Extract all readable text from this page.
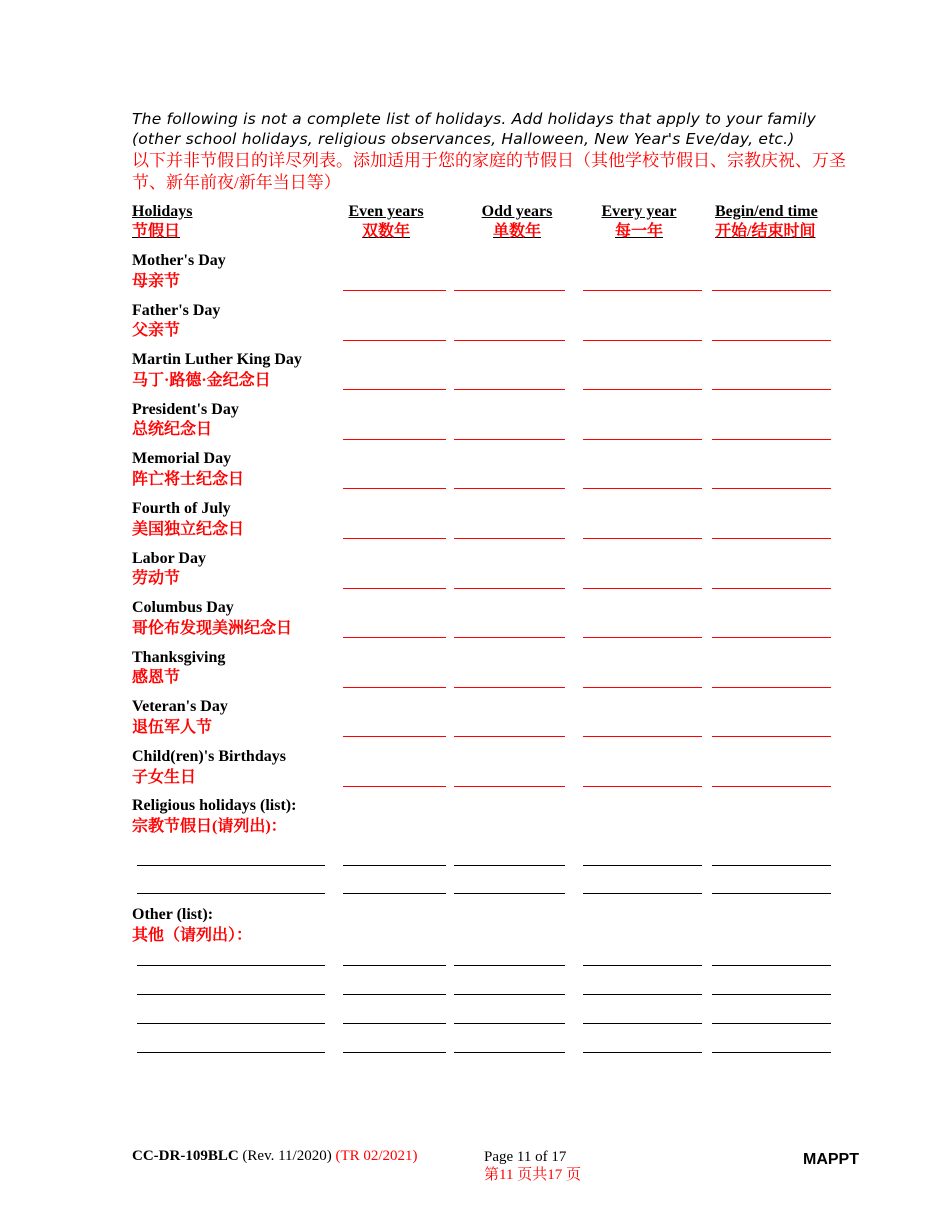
The following is not a complete list of holidays. Add holidays that apply to your family (other school holidays, religious observances, Halloween, New Year's Eve/day, etc.)
以下并非节假日的详尽列表。添加适用于您的家庭的节假日（其他学校节假日、宗教庆祝、万圣节、新年前夜/新年当日等）
Holidays
节假日
Even years
双数年
Odd years
单数年
Every year
每一年
Begin/end time
开始/结束时间
Mother's Day
母亲节
Father's Day
父亲节
Martin Luther King Day
马丁·路德·金纪念日
President's Day
总统纪念日
Memorial Day
阵亡将士纪念日
Fourth of July
美国独立纪念日
Labor Day
劳动节
Columbus Day
哥伦布发现美洲纪念日
Thanksgiving
感恩节
Veteran's Day
退伍军人节
Child(ren)'s Birthdays
子女生日
Religious holidays (list):
宗教节假日(请列出)：
Other (list):
其他（请列出）：
CC-DR-109BLC (Rev. 11/2020) (TR 02/2021)	Page 11 of 17
第11 页共17 页
MAPPT
